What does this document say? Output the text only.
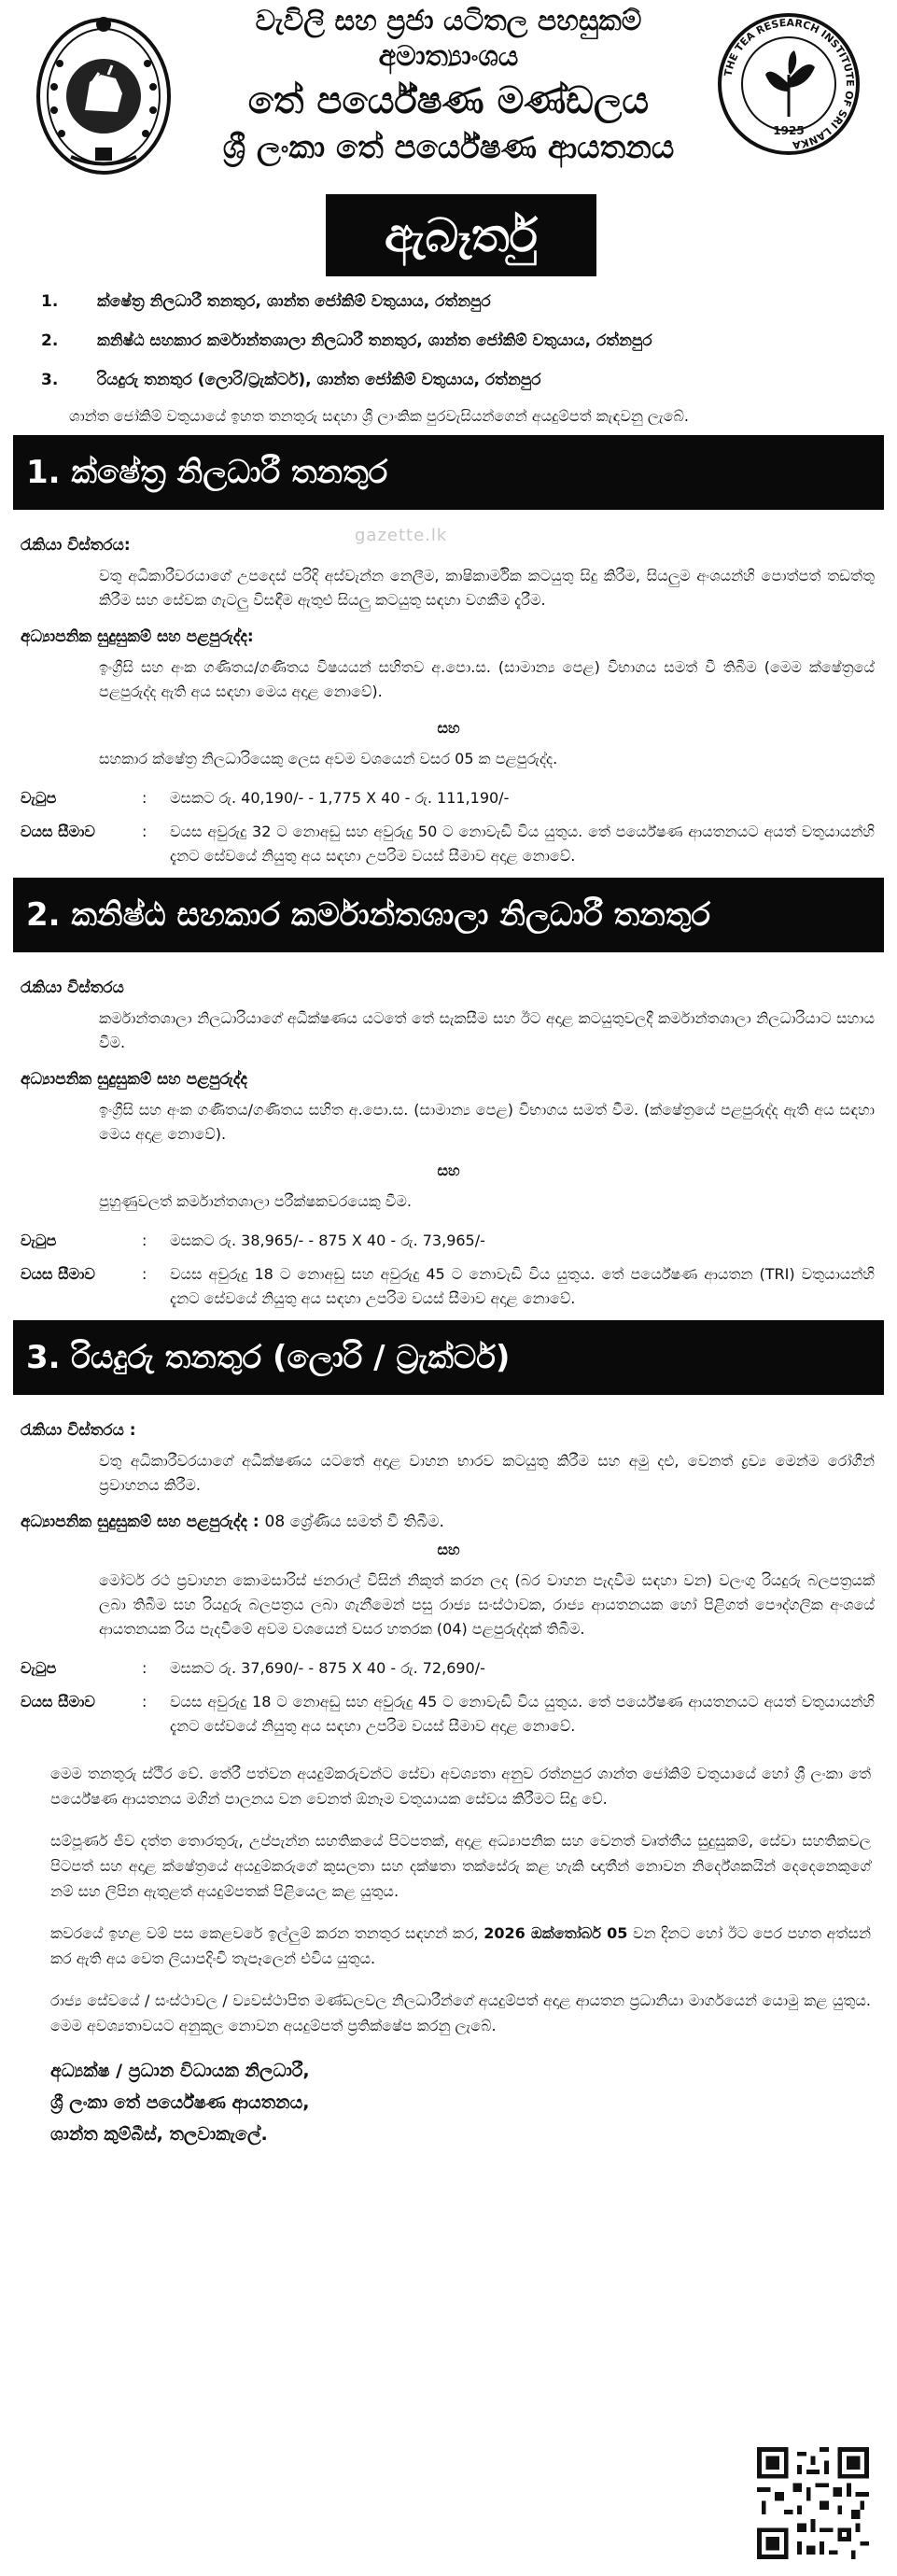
වැවිලි සහ ප්‍රජා යටිතල පහසුකම් අමාත්‍යාංශය
තේ පර්යේෂණ මණ්ඩලය
ශ්‍රී ලංකා තේ පර්යේෂණ ආයතනය
THE TEA RESEARCH INSTITUTE OF SRI LANKA
1925
ඇබෑර්තු
1.	ක්ෂේත්‍ර නිලධාරී තනතුර, ශාන්ත ජෝකිම් වතුයාය, රත්නපුර
2.	කනිෂ්ඨ සහකාර කර්මාන්තශාලා නිලධාරී තනතුර, ශාන්ත ජෝකිම් වතුයාය, රත්නපුර
3.	රියදුරු තනතුර (ලොරි/ට්‍රැක්ටර්), ශාන්ත ජෝකිම් වතුයාය, රත්නපුර

ශාන්ත ජෝකිම් වතුයායේ ඉහත තනතුරු සඳහා ශ්‍රී ලාංකික පුරවැසියන්ගෙන් අයදුම්පත් කැඳවනු ලැබේ.

1. ක්ෂේත්‍ර නිලධාරී තනතුර
gazette.lk
රැකියා විස්තරය:

වතු අධිකාරීවරයාගේ උපදෙස් පරිදි අස්වැන්න නෙලීම, කාෂිකාර්මික කටයුතු සිදු කිරීම, සියලුම අංශයන්හි පොත්පත් තඩත්තු කිරීම සහ සේවක ගැටලු විසඳීම ඇතුළු සියලු කටයුතු සඳහා වගකීම දැරීම.

අධ්‍යාපනික සුදුසුකම් සහ පළපුරුද්ද:

ඉංග්‍රීසි සහ අංක ගණිතය/ගණිතය විෂයයන් සහිතව අ.පො.ස. (සාමාන්‍ය පෙළ) විභාගය සමත් වී තිබීම (මෙම ක්ෂේත්‍රයේ පළපුරුද්ද ඇති අය සඳහා මෙය අදාළ නොවේ).

සහ

සහකාර ක්ෂේත්‍ර නිලධාරියෙකු ලෙස අවම වශයෙන් වසර 05 ක පළපුරුද්ද.

වැටුප	:	මසකට රු. 40,190/- - 1,775 X 40 - රු. 111,190/-
වයස සීමාව	:	වයස අවුරුදු 32 ට නොඅඩු සහ අවුරුදු 50 ට නොවැඩි විය යුතුය. තේ පර්යේෂණ ආයතනයට අයත් වතුයායන්හි දැනට සේවයේ නියුතු අය සඳහා උපරිම වයස් සීමාව අදාළ නොවේ.
2. කනිෂ්ඨ සහකාර කර්මාන්තශාලා නිලධාරී තනතුර
රැකියා විස්තරය

කර්මාන්තශාලා නිලධාරියාගේ අධීක්ෂණය යටතේ තේ සැකසීම සහ ඊට අදාළ කටයුතුවලදී කර්මාන්තශාලා නිලධාරියාට සහාය වීම.

අධ්‍යාපනික සුදුසුකම් සහ පළපුරුද්ද

ඉංග්‍රීසි සහ අංක ගණිතය/ගණිතය සහිත අ.පො.ස. (සාමාන්‍ය පෙළ) විභාගය සමත් වීම. (ක්ෂේත්‍රයේ පළපුරුද්ද ඇති අය සඳහා මෙය අදාළ නොවේ).

සහ

පුහුණුවලත් කර්මාන්තශාලා පරීක්ෂකවරයෙකු වීම.

වැටුප	:	මසකට රු. 38,965/- - 875 X 40 - රු. 73,965/-
වයස සීමාව	:	වයස අවුරුදු 18 ට නොඅඩු සහ අවුරුදු 45 ට නොවැඩි විය යුතුය. තේ පර්යේෂණ ආයතන (TRI) වතුයායන්හි දැනට සේවයේ නියුතු අය සඳහා උපරිම වයස් සීමාව අදාළ නොවේ.
3. රියදුරු තනතුර (ලොරි / ට්‍රැක්ටර්)
රැකියා විස්තරය :

වතු අධිකාරීවරයාගේ අධීක්ෂණය යටතේ අදාළ වාහන භාරව කටයුතු කිරීම සහ අමු දළු, වෙනත් ද්‍රව්‍ය මෙන්ම රෝගීන් ප්‍රවාහනය කිරීම.

අධ්‍යාපනික සුදුසුකම් සහ පළපුරුද්ද : 08 ශ්‍රේණිය සමත් වී තිබීම.
සහ

මෝටර් රථ ප්‍රවාහන කොමසාරිස් ජනරාල් විසින් නිකුත් කරන ලද (බර වාහන පැදවීම සඳහා වන) වලංගු රියදුරු බලපත්‍රයක් ලබා තිබීම සහ රියදුරු බලපත්‍රය ලබා ගැනීමෙන් පසු රාජ්‍ය සංස්ථාවක, රාජ්‍ය ආයතනයක හෝ පිළිගත් පෞද්ගලික අංශයේ ආයතනයක රිය පැදවීමේ අවම වශයෙන් වසර හතරක (04) පළපුරුද්දක් තිබීම.

වැටුප	:	මසකට රු. 37,690/- - 875 X 40 - රු. 72,690/-
වයස සීමාව	:	වයස අවුරුදු 18 ට නොඅඩු සහ අවුරුදු 45 ට නොවැඩි විය යුතුය. තේ පර්යේෂණ ආයතනයට අයත් වතුයායන්හි දැනට සේවයේ නියුතු අය සඳහා උපරිම වයස් සීමාව අදාළ නොවේ.

මෙම තනතුරු ස්ථිර වේ. තේරී පත්වන අයදුම්කරුවන්ට සේවා අවශ්‍යතා අනුව රත්නපුර ශාන්ත ජෝකිම් වතුයායේ හෝ ශ්‍රී ලංකා තේ පර්යේෂණ ආයතනය මගින් පාලනය වන වෙනත් ඕනෑම වතුයායක සේවය කිරීමට සිදු වේ.

සම්පූර්ණ ජීව දත්ත තොරතුරු, උප්පැන්න සහතිකයේ පිටපතක්, අදාළ අධ්‍යාපනික සහ වෙනත් වෘත්තීය සුදුසුකම්, සේවා සහතිකවල පිටපත් සහ අදාළ ක්ෂේත්‍රයේ අයදුම්කරුගේ කුසලතා සහ දක්ෂතා තක්සේරු කළ හැකි ඥාතීන් නොවන නිර්දේශකයින් දෙදෙනෙකුගේ නම් සහ ලිපින ඇතුළත් අයදුම්පතක් පිළියෙල කළ යුතුය.

කවරයේ ඉහළ වම් පස කෙළවරේ ඉල්ලුම් කරන තනතුර සඳහන් කර, 2026 ඔක්තෝබර් 05 වන දිනට හෝ ඊට පෙර පහත අත්සන් කර ඇති අය වෙත ලියාපදිංචි තැපෑලෙන් එවිය යුතුය.

රාජ්‍ය සේවයේ / සංස්ථාවල / ව්‍යවස්ථාපිත මණ්ඩලවල නිලධාරීන්ගේ අයදුම්පත් අදාළ ආයතන ප්‍රධානියා මාර්ගයෙන් යොමු කළ යුතුය. මෙම අවශ්‍යතාවයට අනුකූල නොවන අයදුම්පත් ප්‍රතික්ෂේප කරනු ලැබේ.

අධ්‍යක්ෂ / ප්‍රධාන විධායක නිලධාරී,
ශ්‍රී ලංකා තේ පර්යේෂණ ආයතනය,
ශාන්ත කුම්බීස්, තලවාකැලේ.
